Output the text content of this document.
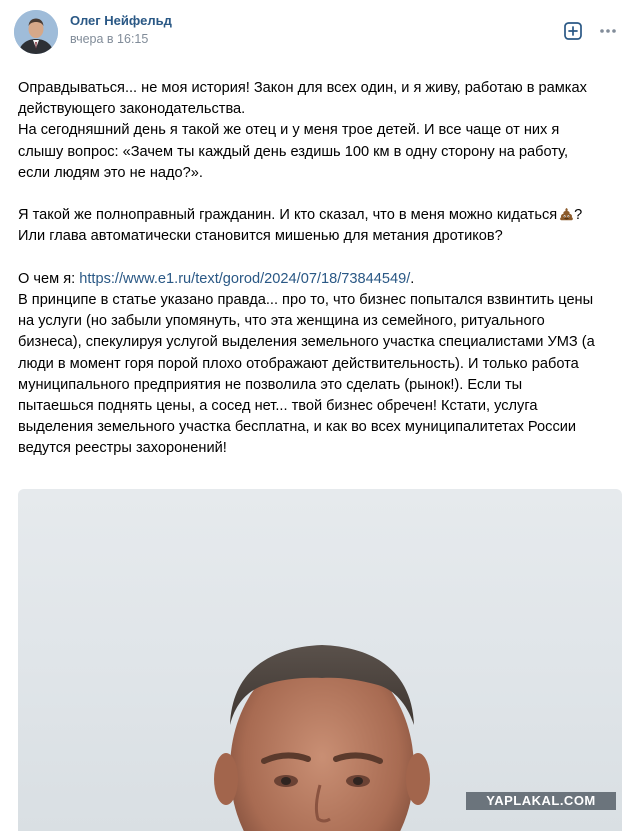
Олег Нейфельд
вчера в 16:15

Оправдываться... не моя история! Закон для всех один, и я живу, работаю в рамках

действующего законодательства.

На сегодняшний день я такой же отец и у меня трое детей. И все чаще от них я

слышу вопрос: «Зачем ты каждый день ездишь 100 км в одну сторону на работу,

если людям это не надо?».

Я такой же полноправный гражданин. И кто сказал, что в меня можно кидаться ?

Или глава автоматически становится мишенью для метания дротиков?

О чем я: https://www.e1.ru/text/gorod/2024/07/18/73844549/.

В принципе в статье указано правда... про то, что бизнес попытался взвинтить цены

на услуги (но забыли упомянуть, что эта женщина из семейного, ритуального

бизнеса), спекулируя услугой выделения земельного участка специалистами УМЗ (а

люди в момент горя порой плохо отображают действительность). И только работа

муниципального предприятия не позволила это сделать (рынок!). Если ты

пытаешься поднять цены, а сосед нет... твой бизнес обречен! Кстати, услуга

выделения земельного участка бесплатна, и как во всех муниципалитетах России

ведутся реестры захоронений!

YAPLAKAL.COM
